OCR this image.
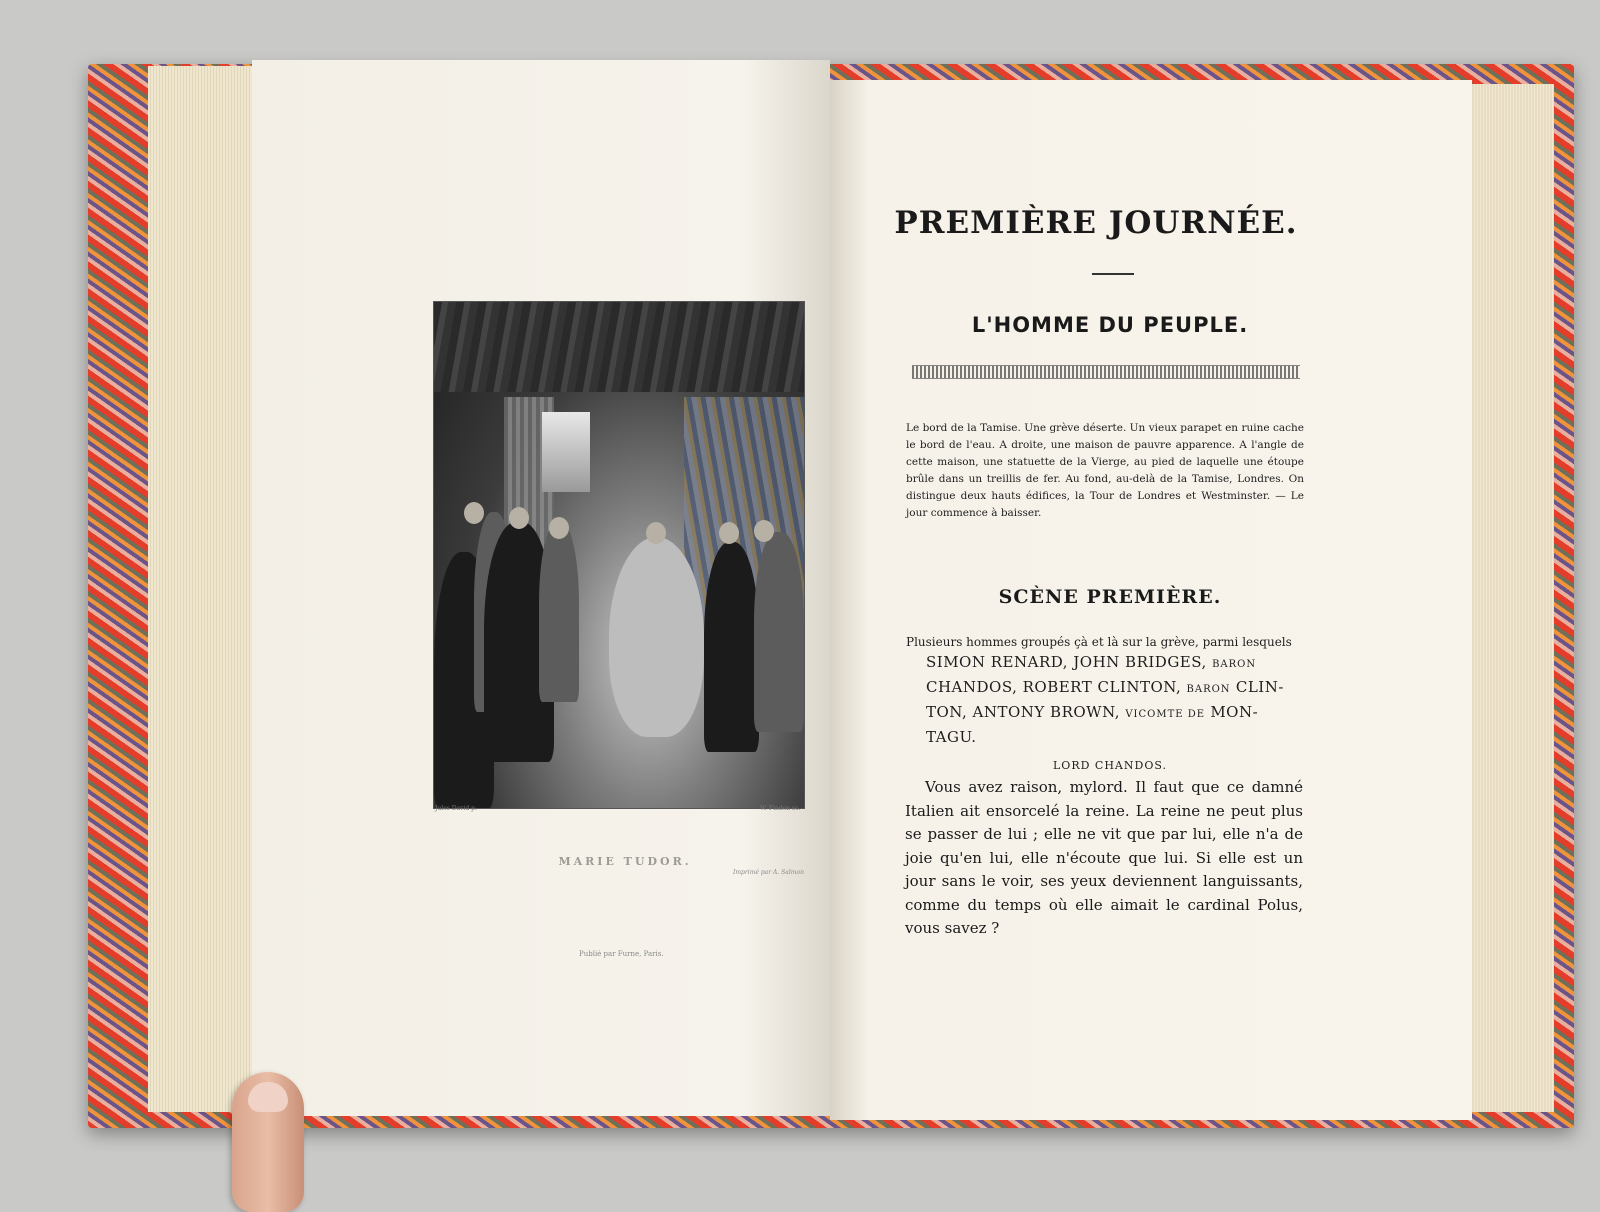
Jules David p.	W. Finden sc.
MARIE TUDOR.
Imprimé par A. Salmon
Publié par Furne, Paris.
PREMIÈRE JOURNÉE.
L'HOMME DU PEUPLE.
Le bord de la Tamise. Une grève déserte. Un vieux parapet en ruine cache le bord de l'eau. A droite, une maison de pauvre apparence. A l'angle de cette maison, une statuette de la Vierge, au pied de laquelle une étoupe brûle dans un treillis de fer. Au fond, au-delà de la Tamise, Londres. On distingue deux hauts édifices, la Tour de Londres et Westminster. — Le jour commence à baisser.
SCÈNE PREMIÈRE.
Plusieurs hommes groupés çà et là sur la grève, parmi lesquels
SIMON RENARD, JOHN BRIDGES, BARON
CHANDOS, ROBERT CLINTON, BARON CLIN-
TON, ANTONY BROWN, VICOMTE DE MON-
TAGU.
LORD CHANDOS.

Vous avez raison, mylord. Il faut que ce damné Italien ait ensorcelé la reine. La reine ne peut plus se passer de lui ; elle ne vit que par lui, elle n'a de joie qu'en lui, elle n'écoute que lui. Si elle est un jour sans le voir, ses yeux deviennent languissants, comme du temps où elle aimait le cardinal Polus, vous savez ?
